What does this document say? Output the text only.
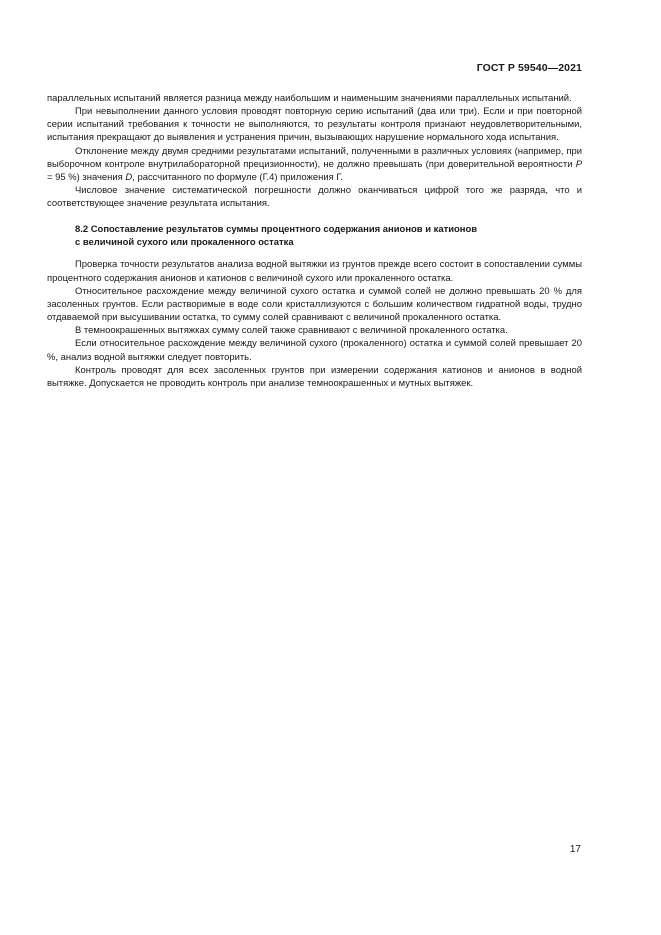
ГОСТ Р 59540—2021

параллельных испытаний является разница между наибольшим и наименьшим значениями параллельных испытаний.

При невыполнении данного условия проводят повторную серию испытаний (два или три). Если и при повторной серии испытаний требования к точности не выполняются, то результаты контроля признают неудовлетворительными, испытания прекращают до выявления и устранения причин, вызывающих нарушение нормального хода испытания.

Отклонение между двумя средними результатами испытаний, полученными в различных условиях (например, при выборочном контроле внутрилабораторной прецизионности), не должно превышать (при доверительной вероятности P = 95 %) значения D, рассчитанного по формуле (Г.4) приложения Г.

Числовое значение систематической погрешности должно оканчиваться цифрой того же разряда, что и соответствующее значение результата испытания.

8.2 Сопоставление результатов суммы процентного содержания анионов и катионов
с величиной сухого или прокаленного остатка

Проверка точности результатов анализа водной вытяжки из грунтов прежде всего состоит в сопоставлении суммы процентного содержания анионов и катионов с величиной сухого или прокаленного остатка.

Относительное расхождение между величиной сухого остатка и суммой солей не должно превышать 20 % для засоленных грунтов. Если растворимые в воде соли кристаллизуются с большим количеством гидратной воды, трудно отдаваемой при высушивании остатка, то сумму солей сравнивают с величиной прокаленного остатка.

В темноокрашенных вытяжках сумму солей также сравнивают с величиной прокаленного остатка.

Если относительное расхождение между величиной сухого (прокаленного) остатка и суммой солей превышает 20 %, анализ водной вытяжки следует повторить.

Контроль проводят для всех засоленных грунтов при измерении содержания катионов и анионов в водной вытяжке. Допускается не проводить контроль при анализе темноокрашенных и мутных вытяжек.

17
